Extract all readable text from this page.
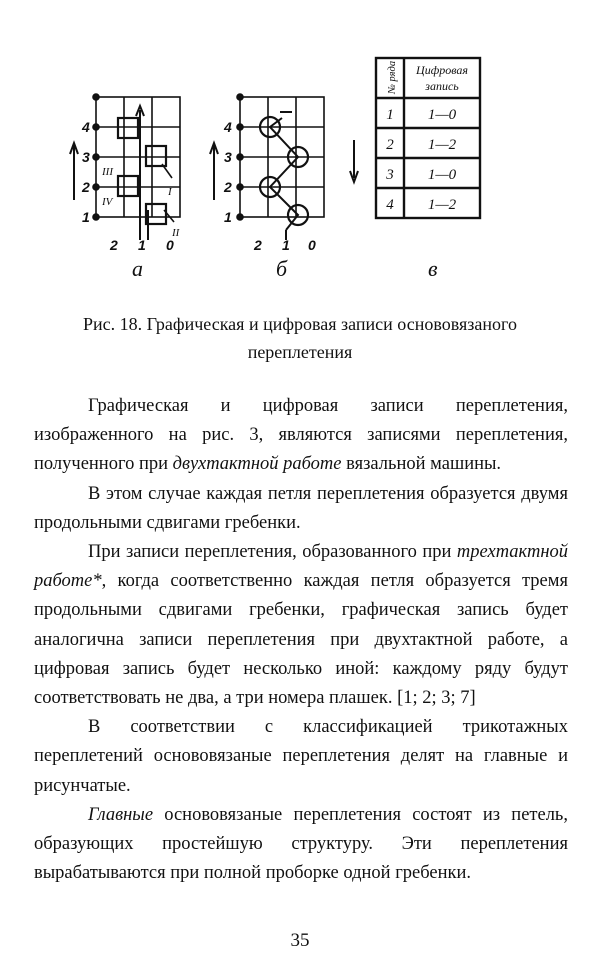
4
3
2
1
III
IV
I
II
2 1 0
а
4
3
2
1
2 1 0
б
№ ряда Цифровая
запись
1 1—0
2 1—2
3 1—0
4 1—2
в
Рис. 18. Графическая и цифровая записи основовязаного
переплетения

Графическая и цифровая записи переплетения, изображенного на рис. 3, являются записями переплетения, полученного при двухтактной работе вязальной машины.

В этом случае каждая петля переплетения образуется двумя продольными сдвигами гребенки.

При записи переплетения, образованного при трехтактной работе*, когда соответственно каждая петля образуется тремя продольными сдвигами гребенки, графическая запись будет аналогична записи переплетения при двухтактной работе, а цифровая запись будет несколько иной: каждому ряду будут соответствовать не два, а три номера плашек. [1; 2; 3; 7]

В соответствии с классификацией трикотажных переплетений основовязаные переплетения делят на главные и рисунчатые.

Главные основовязаные переплетения состоят из петель, образующих простейшую структуру. Эти переплетения вырабатываются при полной проборке одной гребенки.

35
